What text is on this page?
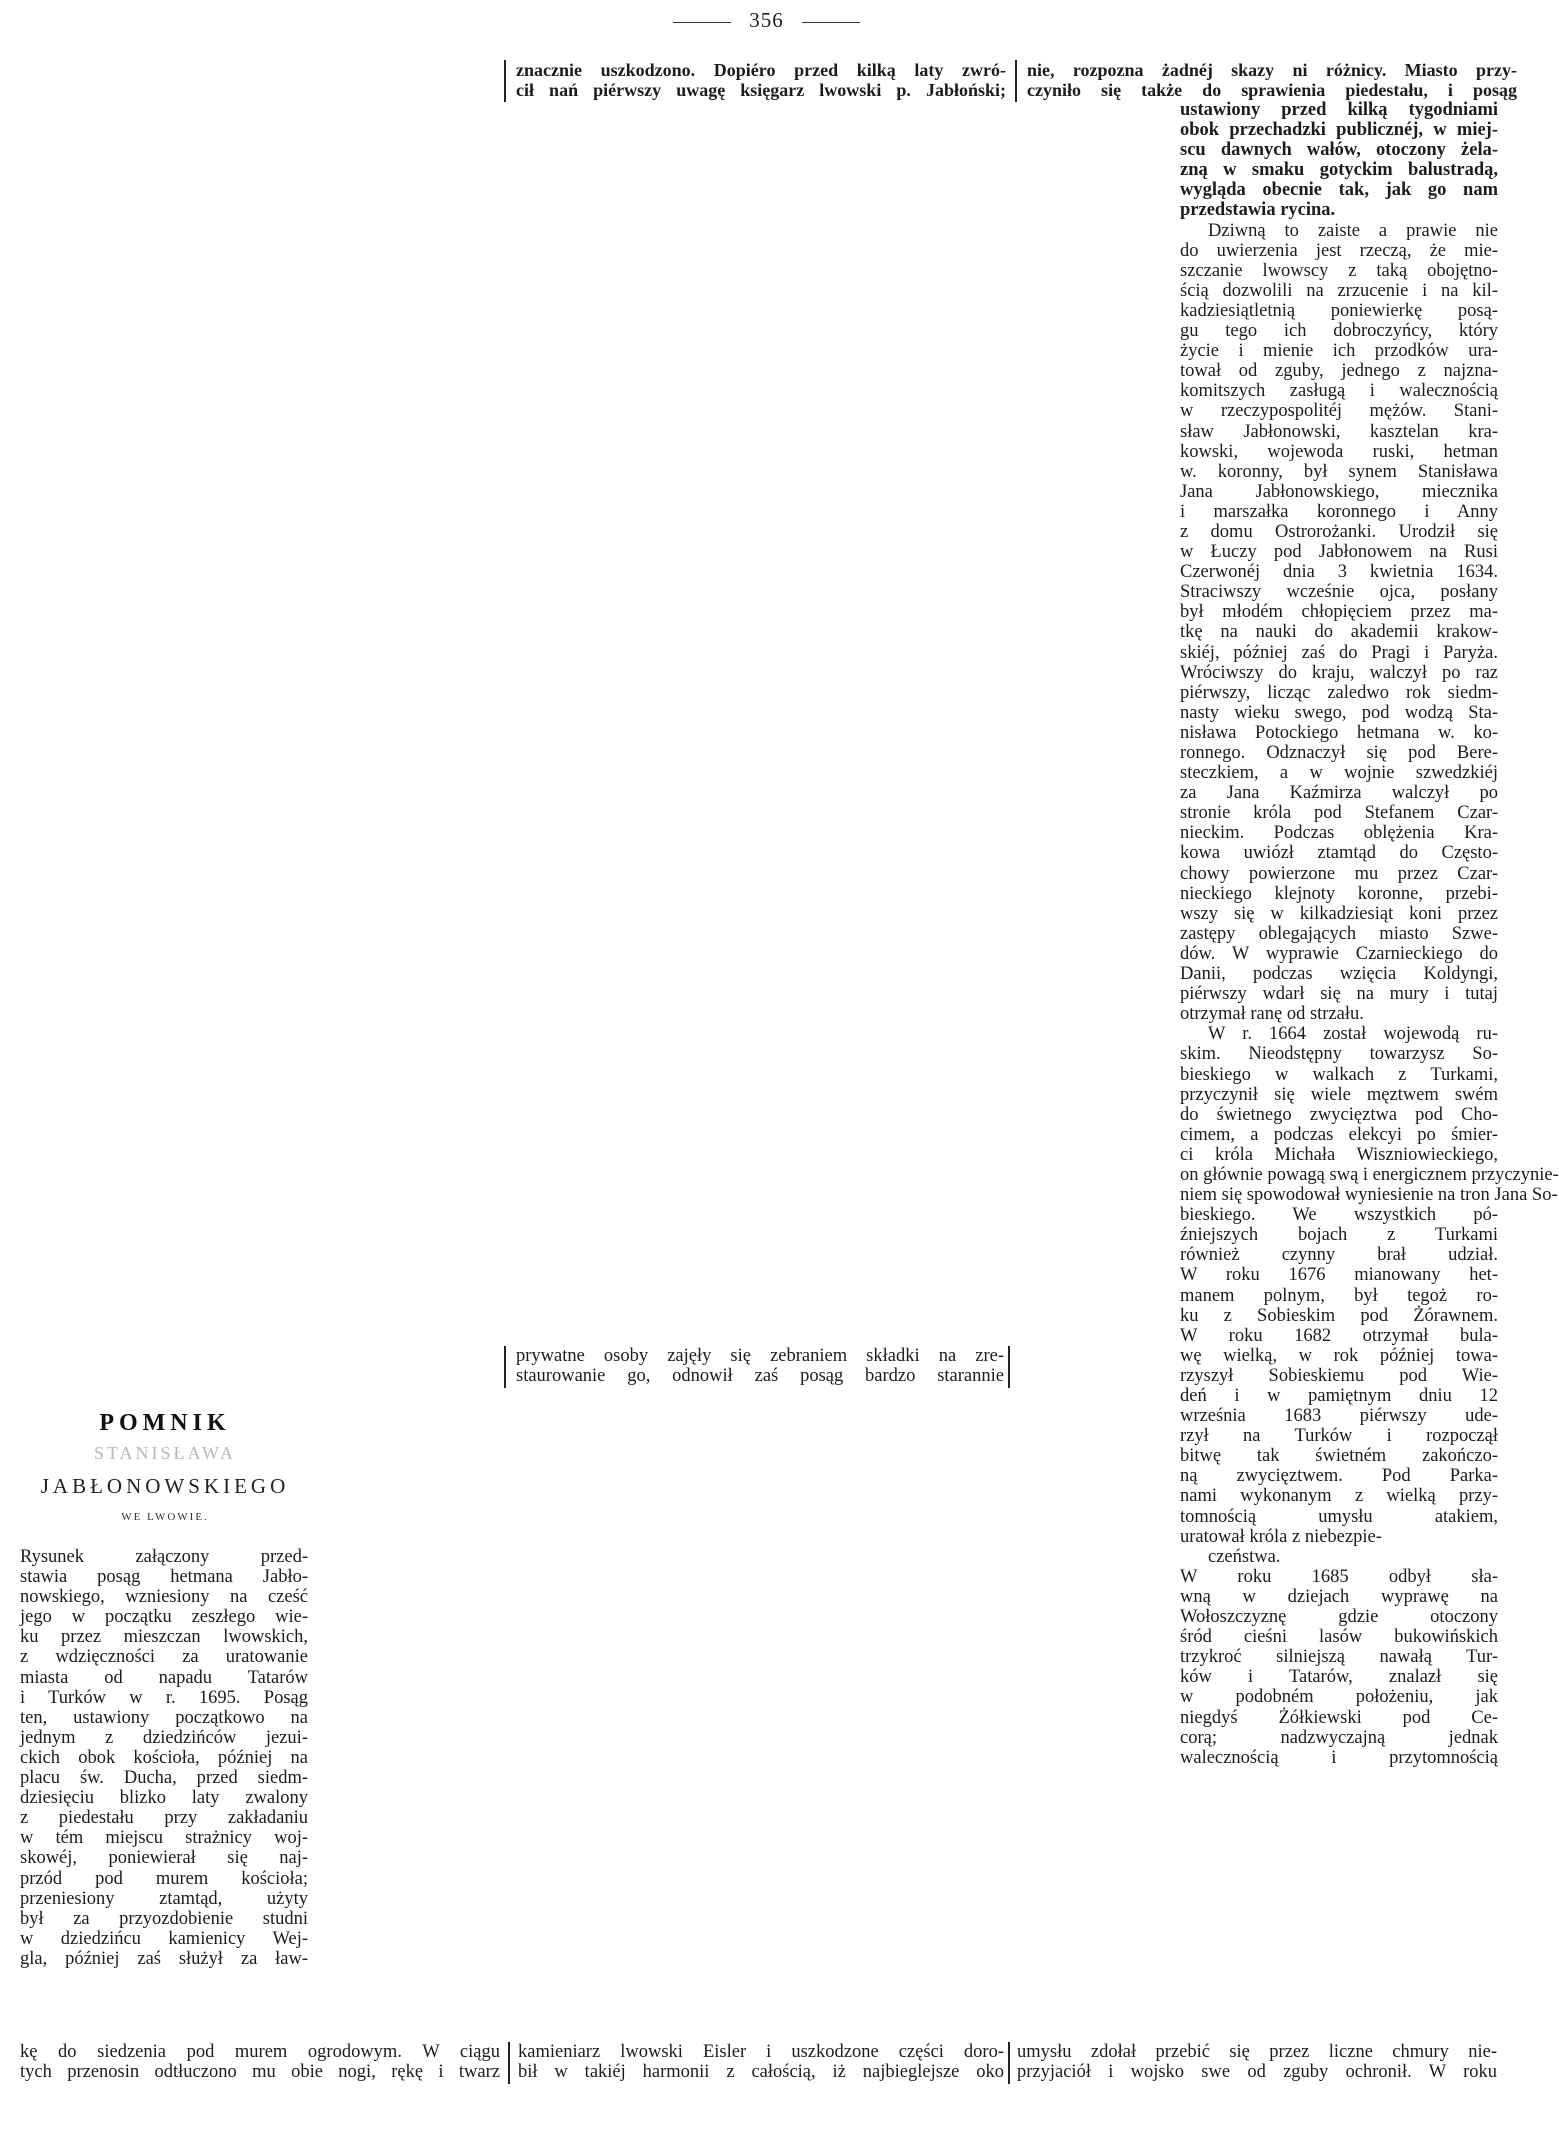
356
znacznie uszkodzono. Dopiéro przed kilką laty zwró-
cił nań piérwszy uwagę księgarz lwowski p. Jabłoński;
nie, rozpozna żadnéj skazy ni różnicy. Miasto przy-
czyniło się także do sprawienia piedestału, i posąg
ustawiony przed kilką tygodniami
obok przechadzki publicznéj, w miej-
scu dawnych wałów, otoczony żela-
zną w smaku gotyckim balustradą,
wygląda obecnie tak, jak go nam
przedstawia rycina.
Dziwną to zaiste a prawie nie
do uwierzenia jest rzeczą, że mie-
szczanie lwowscy z taką obojętno-
ścią dozwolili na zrzucenie i na kil-
kadziesiątletnią poniewierkę posą-
gu tego ich dobroczyńcy, który
życie i mienie ich przodków ura-
tował od zguby, jednego z najzna-
komitszych zasługą i walecznością
w rzeczypospolitéj mężów. Stani-
sław Jabłonowski, kasztelan kra-
kowski, wojewoda ruski, hetman
w. koronny, był synem Stanisława
Jana Jabłonowskiego, miecznika
i marszałka koronnego i Anny
z domu Ostrorożanki. Urodził się
w Łuczy pod Jabłonowem na Rusi
Czerwonéj dnia 3 kwietnia 1634.
Straciwszy wcześnie ojca, posłany
był młodém chłopięciem przez ma-
tkę na nauki do akademii krakow-
skiéj, później zaś do Pragi i Paryża.
Wróciwszy do kraju, walczył po raz
piérwszy, licząc zaledwo rok siedm-
nasty wieku swego, pod wodzą Sta-
nisława Potockiego hetmana w. ko-
ronnego. Odznaczył się pod Bere-
steczkiem, a w wojnie szwedzkiéj
za Jana Kaźmirza walczył po
stronie króla pod Stefanem Czar-
nieckim. Podczas oblężenia Kra-
kowa uwiózł ztamtąd do Często-
chowy powierzone mu przez Czar-
nieckiego klejnoty koronne, przebi-
wszy się w kilkadziesiąt koni przez
zastępy oblegających miasto Szwe-
dów. W wyprawie Czarnieckiego do
Danii, podczas wzięcia Koldyngi,
piérwszy wdarł się na mury i tutaj
otrzymał ranę od strzału.
W r. 1664 został wojewodą ru-
skim. Nieodstępny towarzysz So-
bieskiego w walkach z Turkami,
przyczynił się wiele męztwem swém
do świetnego zwycięztwa pod Cho-
cimem, a podczas elekcyi po śmier-
ci króla Michała Wiszniowieckiego,
on głównie powagą swą i energicznem przyczynie-
niem się spowodował wyniesienie na tron Jana So-
bieskiego. We wszystkich pó-
źniejszych bojach z Turkami
również czynny brał udział.
W roku 1676 mianowany het-
manem polnym, był tegoż ro-
ku z Sobieskim pod Żórawnem.
W roku 1682 otrzymał bula-
wę wielką, w rok później towa-
rzyszył Sobieskiemu pod Wie-
deń i w pamiętnym dniu 12
września 1683 piérwszy ude-
rzył na Turków i rozpoczął
bitwę tak świetném zakończo-
ną zwycięztwem. Pod Parka-
nami wykonanym z wielką przy-
tomnością umysłu atakiem,
uratował króla z niebezpie-
czeństwa.
W roku 1685 odbył sła-
wną w dziejach wyprawę na
Wołoszczyznę gdzie otoczony
śród cieśni lasów bukowińskich
trzykroć silniejszą nawałą Tur-
ków i Tatarów, znalazł się
w podobném położeniu, jak
niegdyś Żółkiewski pod Ce-
corą; nadzwyczajną jednak
walecznością i przytomnością
prywatne osoby zajęły się zebraniem składki na zre-
staurowanie go, odnowił zaś posąg bardzo starannie
POMNIK
STANISŁAWA
JABŁONOWSKIEGO
WE LWOWIE.
Rysunek załączony przed-
stawia posąg hetmana Jabło-
nowskiego, wzniesiony na cześć
jego w początku zeszłego wie-
ku przez mieszczan lwowskich,
z wdzięczności za uratowanie
miasta od napadu Tatarów
i Turków w r. 1695. Posąg
ten, ustawiony początkowo na
jednym z dziedzińców jezui-
ckich obok kościoła, później na
placu św. Ducha, przed siedm-
dziesięciu blizko laty zwalony
z piedestału przy zakładaniu
w tém miejscu strażnicy woj-
skowéj, poniewierał się naj-
przód pod murem kościoła;
przeniesiony ztamtąd, użyty
był za przyozdobienie studni
w dziedzińcu kamienicy Wej-
gla, później zaś służył za ław-
kę do siedzenia pod murem ogrodowym. W ciągu
tych przenosin odtłuczono mu obie nogi, rękę i twarz
kamieniarz lwowski Eisler i uszkodzone części doro-
bił w takiéj harmonii z całością, iż najbieglejsze oko
umysłu zdołał przebić się przez liczne chmury nie-
przyjaciół i wojsko swe od zguby ochronił. W roku
